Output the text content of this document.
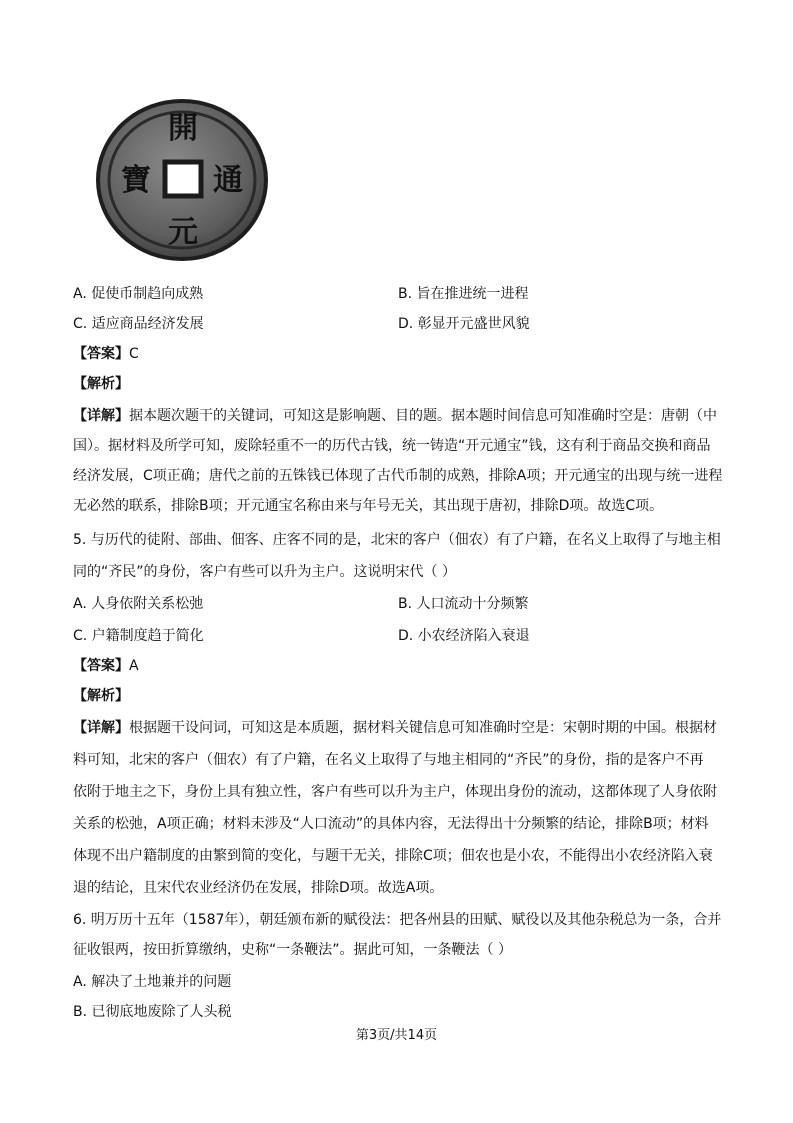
開
通
元
寶
A. 促使币制趋向成熟	B. 旨在推进统一进程
C. 适应商品经济发展	D. 彰显开元盛世风貌
【答案】C
【解析】
【详解】据本题次题干的关键词，可知这是影响题、目的题。据本题时间信息可知准确时空是：唐朝（中
国）。据材料及所学可知，废除轻重不一的历代古钱，统一铸造“开元通宝”钱，这有利于商品交换和商品
经济发展，C项正确；唐代之前的五铢钱已体现了古代币制的成熟，排除A项；开元通宝的出现与统一进程
无必然的联系，排除B项；开元通宝名称由来与年号无关，其出现于唐初，排除D项。故选C项。
5. 与历代的徒附、部曲、佃客、庄客不同的是，北宋的客户（佃农）有了户籍，在名义上取得了与地主相
同的“齐民”的身份，客户有些可以升为主户。这说明宋代（ ）
A. 人身依附关系松弛	B. 人口流动十分频繁
C. 户籍制度趋于简化	D. 小农经济陷入衰退
【答案】A
【解析】
【详解】根据题干设问词，可知这是本质题，据材料关键信息可知准确时空是：宋朝时期的中国。根据材
料可知，北宋的客户（佃农）有了户籍，在名义上取得了与地主相同的“齐民”的身份，指的是客户不再
依附于地主之下，身份上具有独立性，客户有些可以升为主户，体现出身份的流动，这都体现了人身依附
关系的松弛，A项正确；材料未涉及“人口流动”的具体内容，无法得出十分频繁的结论，排除B项；材料
体现不出户籍制度的由繁到简的变化，与题干无关，排除C项；佃农也是小农，不能得出小农经济陷入衰
退的结论，且宋代农业经济仍在发展，排除D项。故选A项。
6. 明万历十五年（1587年），朝廷颁布新的赋役法：把各州县的田赋、赋役以及其他杂税总为一条，合并
征收银两，按田折算缴纳，史称“一条鞭法”。据此可知，一条鞭法（ ）
A. 解决了土地兼并的问题
B. 已彻底地废除了人头税
第3页/共14页
